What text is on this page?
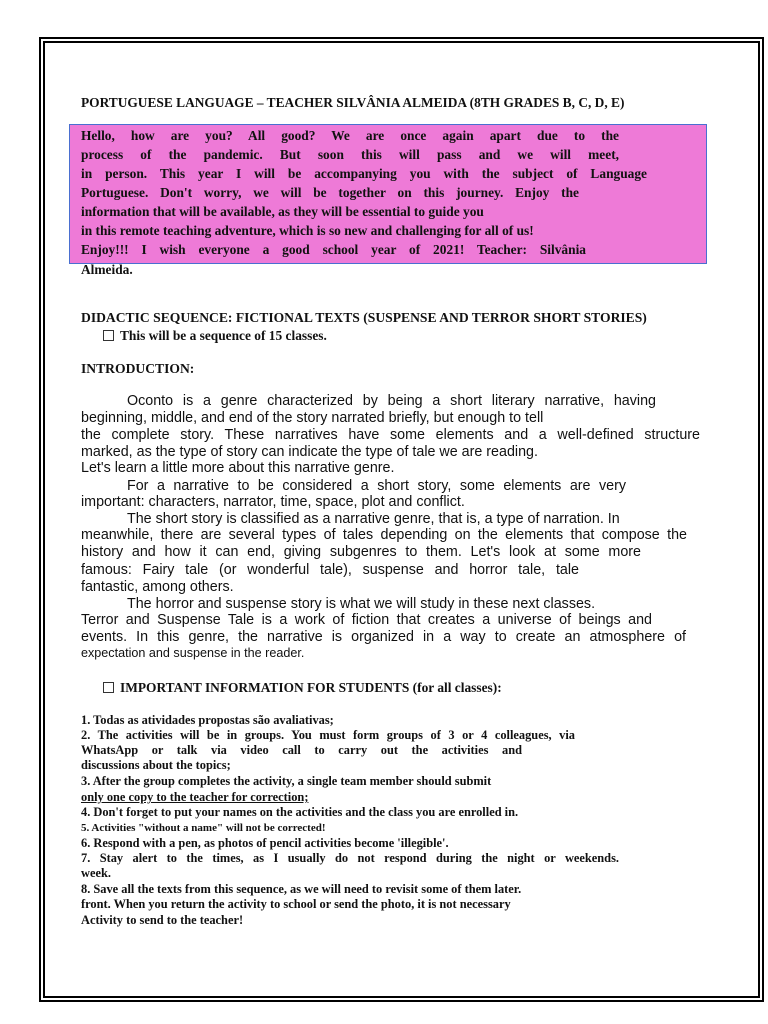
PORTUGUESE LANGUAGE – TEACHER SILVÂNIA ALMEIDA (8TH GRADES B, C, D, E)

Hello, how are you? All good? We are once again apart due to the

process of the pandemic. But soon this will pass and we will meet,

in person. This year I will be accompanying you with the subject of Language

Portuguese. Don't worry, we will be together on this journey. Enjoy the

information that will be available, as they will be essential to guide you

in this remote teaching adventure, which is so new and challenging for all of us!

Enjoy!!! I wish everyone a good school year of 2021! Teacher: Silvânia

Almeida.

DIDACTIC SEQUENCE: FICTIONAL TEXTS (SUSPENSE AND TERROR SHORT STORIES)

This will be a sequence of 15 classes.

INTRODUCTION:

Oconto is a genre characterized by being a short literary narrative, having

beginning, middle, and end of the story narrated briefly, but enough to tell

the complete story. These narratives have some elements and a well-defined structure

marked, as the type of story can indicate the type of tale we are reading.

Let's learn a little more about this narrative genre.

For a narrative to be considered a short story, some elements are very

important: characters, narrator, time, space, plot and conflict.

The short story is classified as a narrative genre, that is, a type of narration. In

meanwhile, there are several types of tales depending on the elements that compose the

history and how it can end, giving subgenres to them. Let's look at some more

famous: Fairy tale (or wonderful tale), suspense and horror tale, tale

fantastic, among others.

The horror and suspense story is what we will study in these next classes.

Terror and Suspense Tale is a work of fiction that creates a universe of beings and

events. In this genre, the narrative is organized in a way to create an atmosphere of

expectation and suspense in the reader.

IMPORTANT INFORMATION FOR STUDENTS (for all classes):

1. Todas as atividades propostas são avaliativas;

2. The activities will be in groups. You must form groups of 3 or 4 colleagues, via

WhatsApp or talk via video call to carry out the activities and

discussions about the topics;

3. After the group completes the activity, a single team member should submit

only one copy to the teacher for correction;

4. Don't forget to put your names on the activities and the class you are enrolled in.

5. Activities "without a name" will not be corrected!

6. Respond with a pen, as photos of pencil activities become 'illegible'.

7. Stay alert to the times, as I usually do not respond during the night or weekends.

week.

8. Save all the texts from this sequence, as we will need to revisit some of them later.

front. When you return the activity to school or send the photo, it is not necessary

Activity to send to the teacher!
